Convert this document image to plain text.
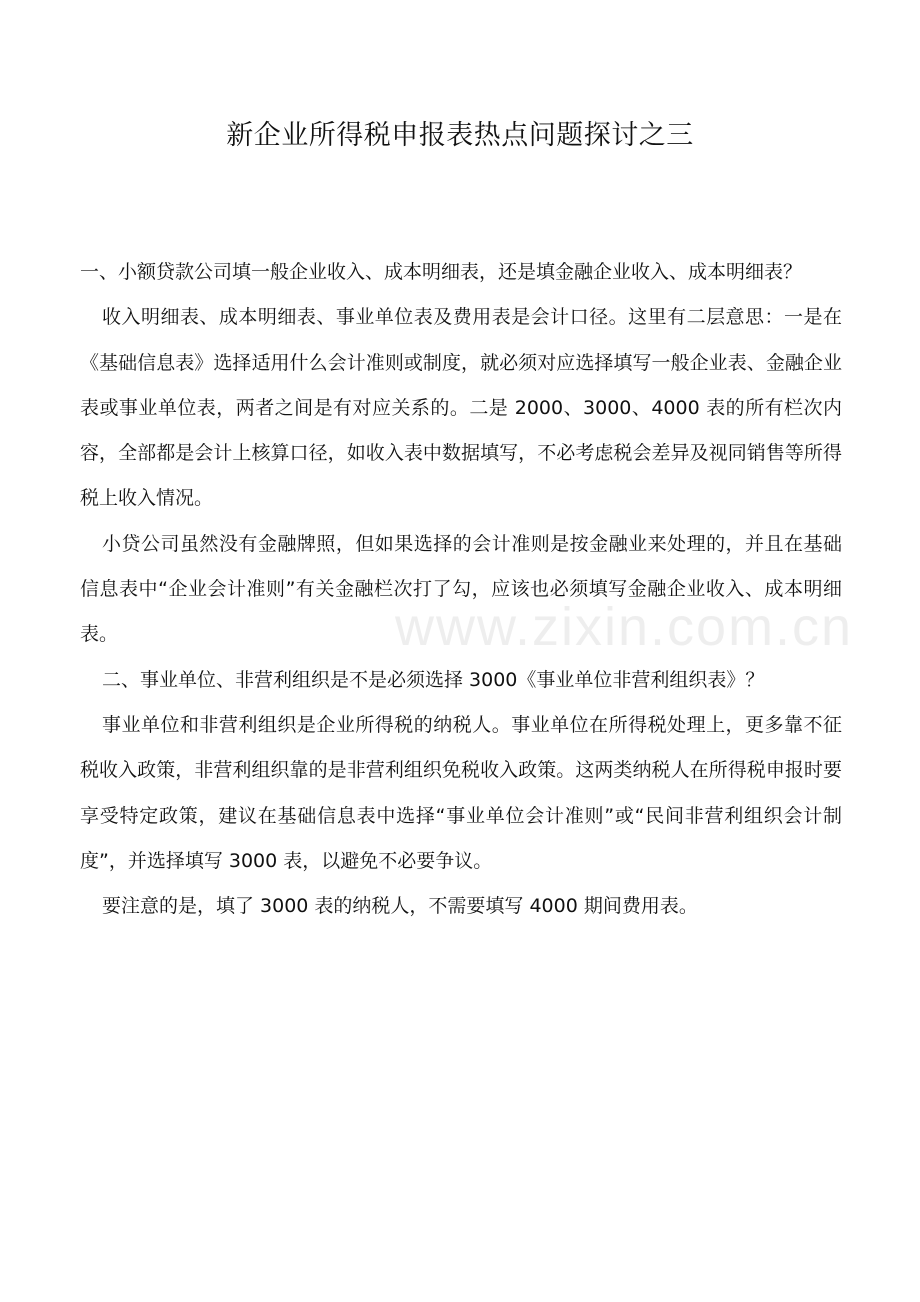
新企业所得税申报表热点问题探讨之三
www.zixin.com.cn

一、小额贷款公司填一般企业收入、成本明细表，还是填金融企业收入、成本明细表？

收入明细表、成本明细表、事业单位表及费用表是会计口径。这里有二层意思：一是在《基础信息表》选择适用什么会计准则或制度，就必须对应选择填写一般企业表、金融企业表或事业单位表，两者之间是有对应关系的。二是 2000、3000、4000 表的所有栏次内容，全部都是会计上核算口径，如收入表中数据填写，不必考虑税会差异及视同销售等所得税上收入情况。

小贷公司虽然没有金融牌照，但如果选择的会计准则是按金融业来处理的，并且在基础信息表中“企业会计准则”有关金融栏次打了勾，应该也必须填写金融企业收入、成本明细表。

二、事业单位、非营利组织是不是必须选择 3000《事业单位非营利组织表》？

事业单位和非营利组织是企业所得税的纳税人。事业单位在所得税处理上，更多靠不征税收入政策，非营利组织靠的是非营利组织免税收入政策。这两类纳税人在所得税申报时要享受特定政策，建议在基础信息表中选择“事业单位会计准则”或“民间非营利组织会计制度”，并选择填写 3000 表，以避免不必要争议。

要注意的是，填了 3000 表的纳税人，不需要填写 4000 期间费用表。
